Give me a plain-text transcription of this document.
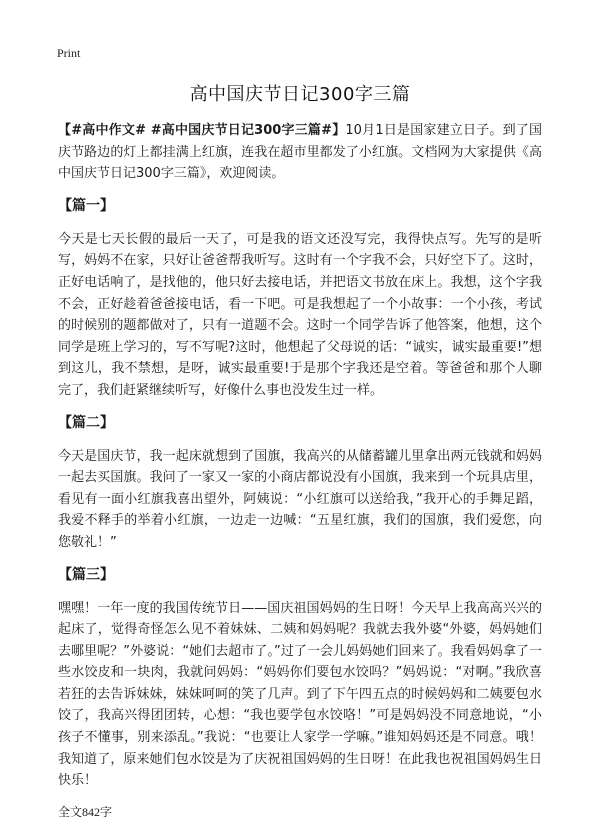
Print
高中国庆节日记300字三篇

【#高中作文# #高中国庆节日记300字三篇#】10月1日是国家建立日子。到了国庆节路边的灯上都挂满上红旗，连我在超市里都发了小红旗。文档网为大家提供《高中国庆节日记300字三篇》，欢迎阅读。

【篇一】

今天是七天长假的最后一天了，可是我的语文还没写完，我得快点写。先写的是听写，妈妈不在家，只好让爸爸帮我听写。这时有一个字我不会，只好空下了。这时，正好电话响了，是找他的，他只好去接电话，并把语文书放在床上。我想，这个字我不会，正好趁着爸爸接电话，看一下吧。可是我想起了一个小故事：一个小孩，考试的时候别的题都做对了，只有一道题不会。这时一个同学告诉了他答案，他想，这个同学是班上学习的，写不写呢?这时，他想起了父母说的话：“诚实，诚实最重要!”想到这儿，我不禁想，是呀，诚实最重要!于是那个字我还是空着。等爸爸和那个人聊完了，我们赶紧继续听写，好像什么事也没发生过一样。

【篇二】

今天是国庆节，我一起床就想到了国旗，我高兴的从储蓄罐儿里拿出两元钱就和妈妈一起去买国旗。我问了一家又一家的小商店都说没有小国旗，我来到一个玩具店里，看见有一面小红旗我喜出望外，阿姨说：“小红旗可以送给我，”我开心的手舞足蹈，我爱不释手的举着小红旗，一边走一边喊：“五星红旗，我们的国旗，我们爱您，向您敬礼！”

【篇三】

嘿嘿！一年一度的我国传统节日——国庆祖国妈妈的生日呀！今天早上我高高兴兴的起床了，觉得奇怪怎么见不着妹妹、二姨和妈妈呢？我就去我外婆“外婆，妈妈她们去哪里呢？”外婆说：“她们去超市了。”过了一会儿妈妈她们回来了。我看妈妈拿了一些水饺皮和一块肉，我就问妈妈：“妈妈你们要包水饺吗？”妈妈说：“对啊。”我欣喜若狂的去告诉妹妹，妹妹呵呵的笑了几声。到了下午四五点的时候妈妈和二姨要包水饺了，我高兴得团团转，心想：“我也要学包水饺咯！”可是妈妈没不同意地说，“小孩子不懂事，别来添乱。”我说：“也要让人家学一学嘛。”谁知妈妈还是不同意。哦！我知道了，原来她们包水饺是为了庆祝祖国妈妈的生日呀！在此我也祝祖国妈妈生日快乐！

全文842字
